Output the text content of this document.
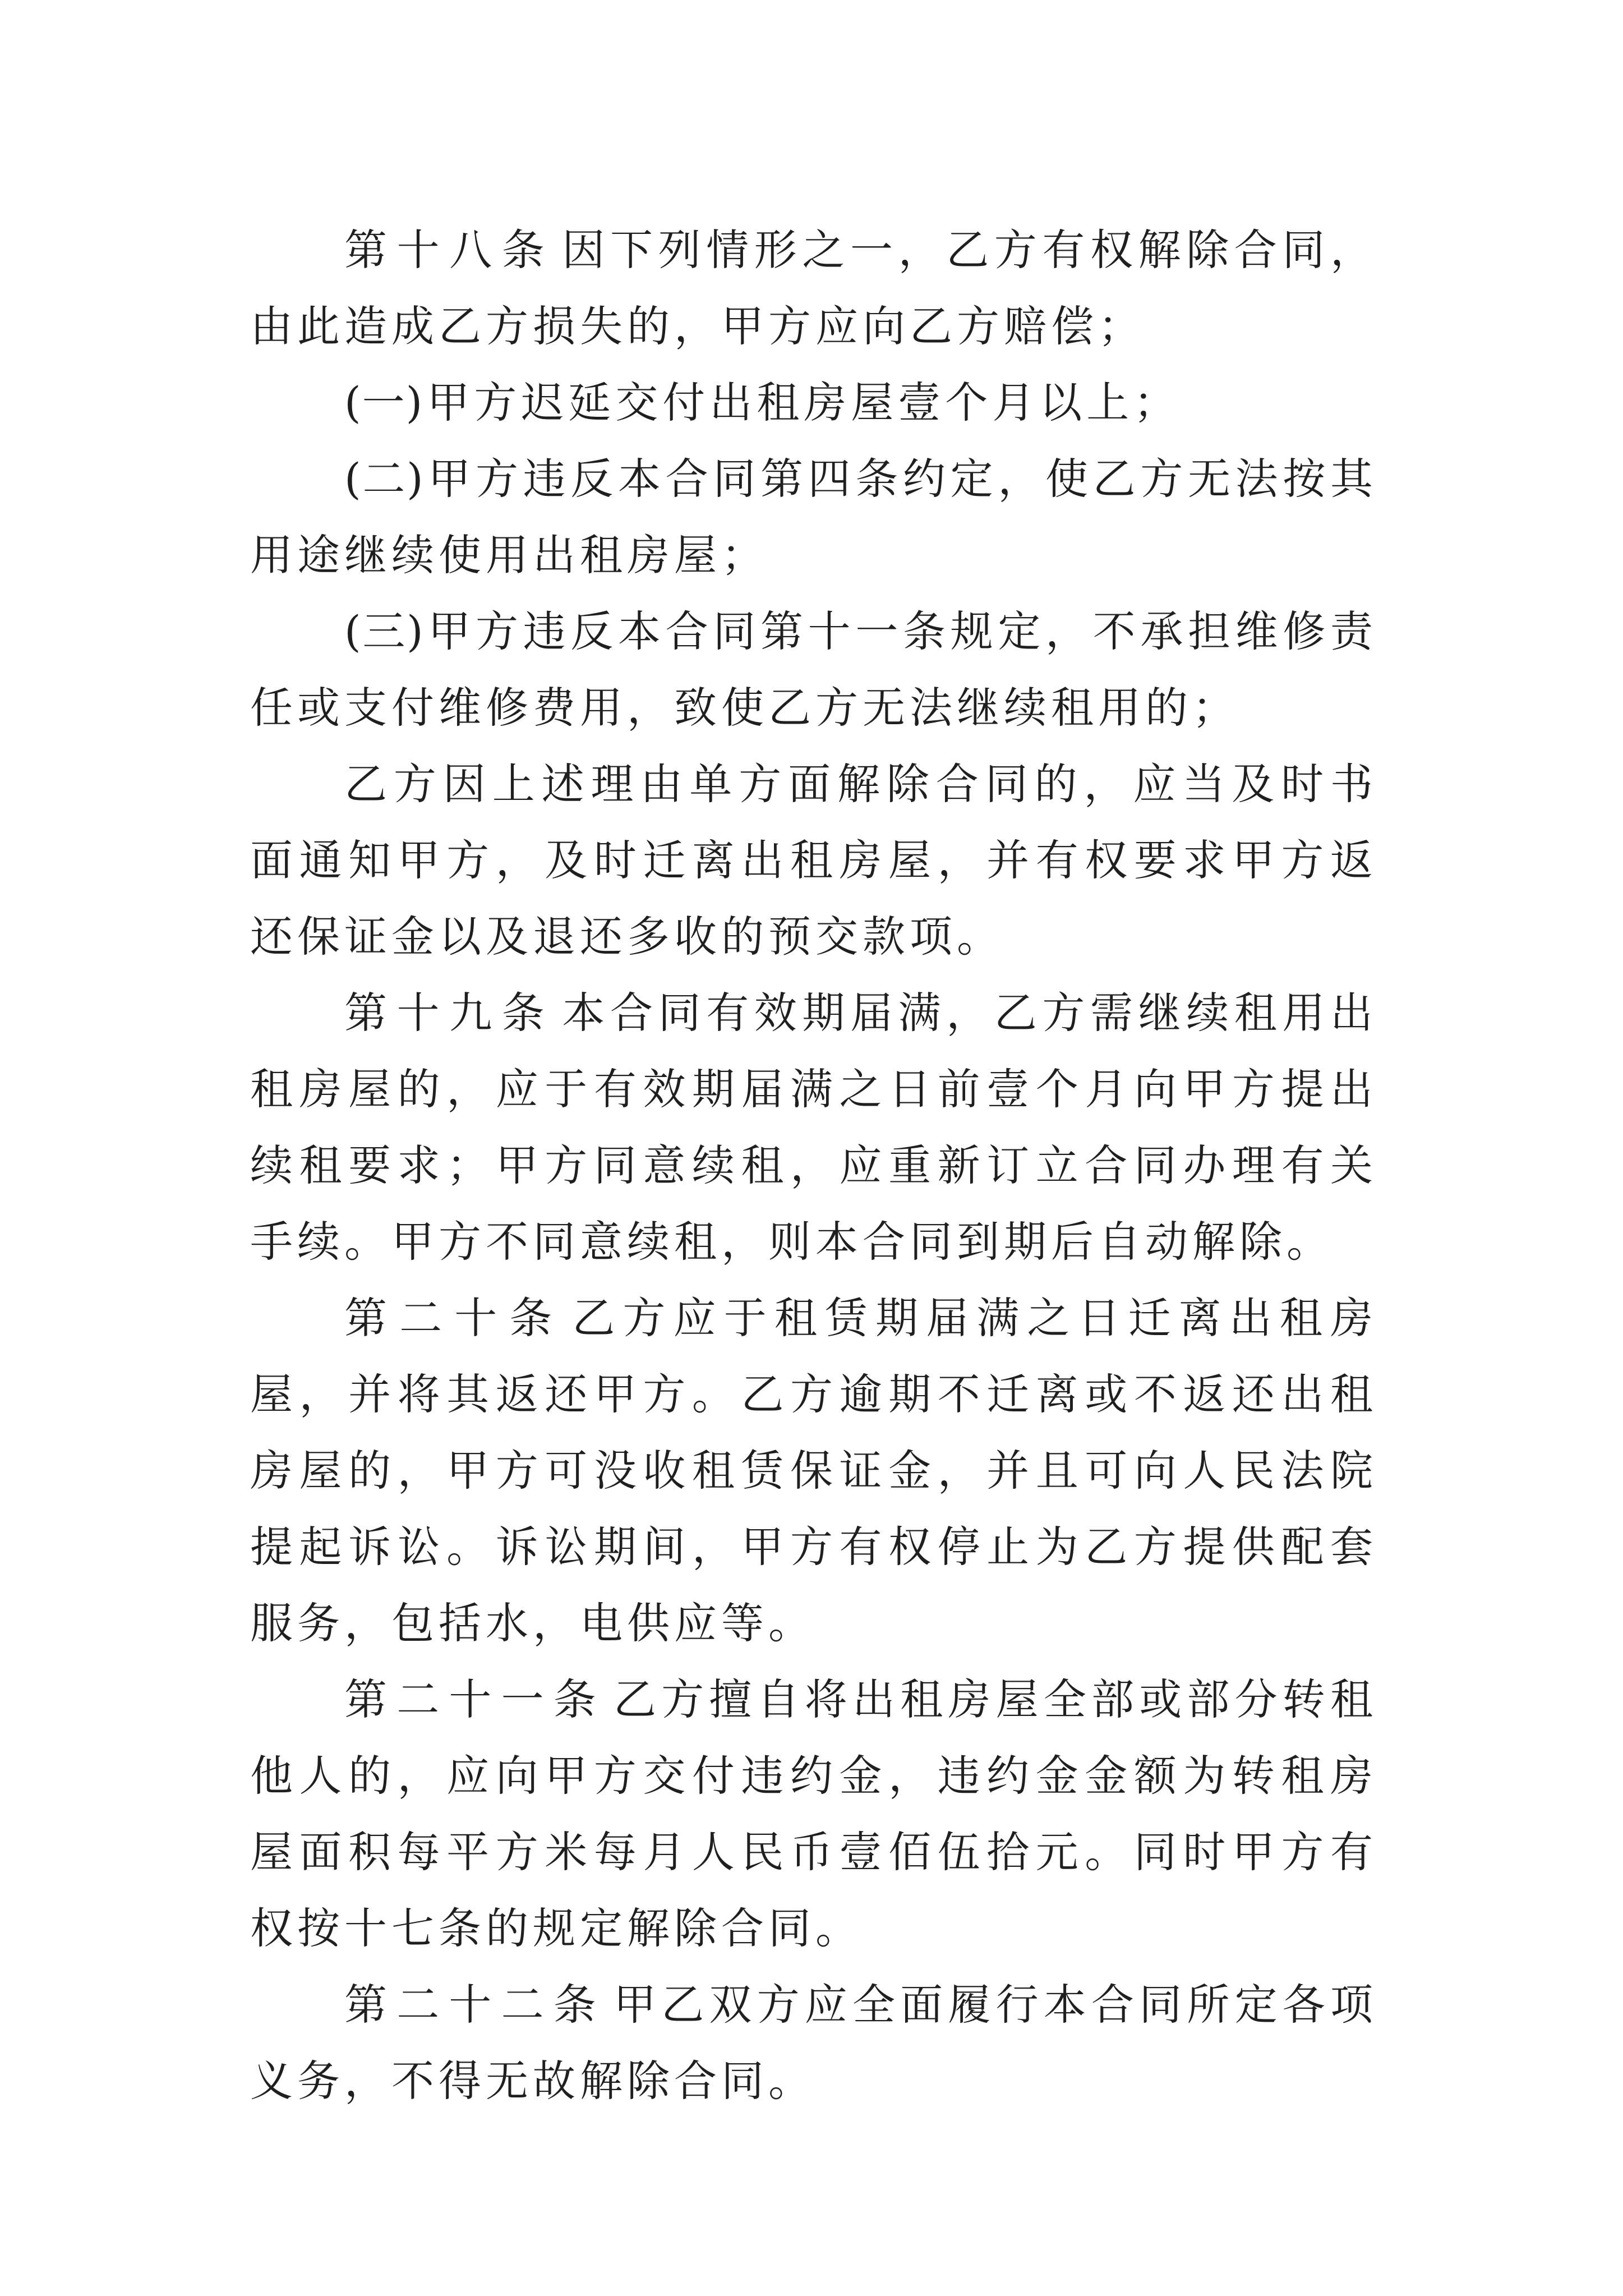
第十八条 因下列情形之一，乙方有权解除合同，由此造成乙方损失的，甲方应向乙方赔偿；

(一)甲方迟延交付出租房屋壹个月以上；

(二)甲方违反本合同第四条约定，使乙方无法按其用途继续使用出租房屋；

(三)甲方违反本合同第十一条规定，不承担维修责任或支付维修费用，致使乙方无法继续租用的；

乙方因上述理由单方面解除合同的，应当及时书面通知甲方，及时迁离出租房屋，并有权要求甲方返还保证金以及退还多收的预交款项。

第十九条 本合同有效期届满，乙方需继续租用出租房屋的，应于有效期届满之日前壹个月向甲方提出续租要求；甲方同意续租，应重新订立合同办理有关手续。甲方不同意续租，则本合同到期后自动解除。

第二十条 乙方应于租赁期届满之日迁离出租房屋，并将其返还甲方。乙方逾期不迁离或不返还出租房屋的，甲方可没收租赁保证金，并且可向人民法院提起诉讼。诉讼期间，甲方有权停止为乙方提供配套服务，包括水，电供应等。

第二十一条 乙方擅自将出租房屋全部或部分转租他人的，应向甲方交付违约金，违约金金额为转租房屋面积每平方米每月人民币壹佰伍拾元。同时甲方有权按十七条的规定解除合同。

第二十二条 甲乙双方应全面履行本合同所定各项义务，不得无故解除合同。
